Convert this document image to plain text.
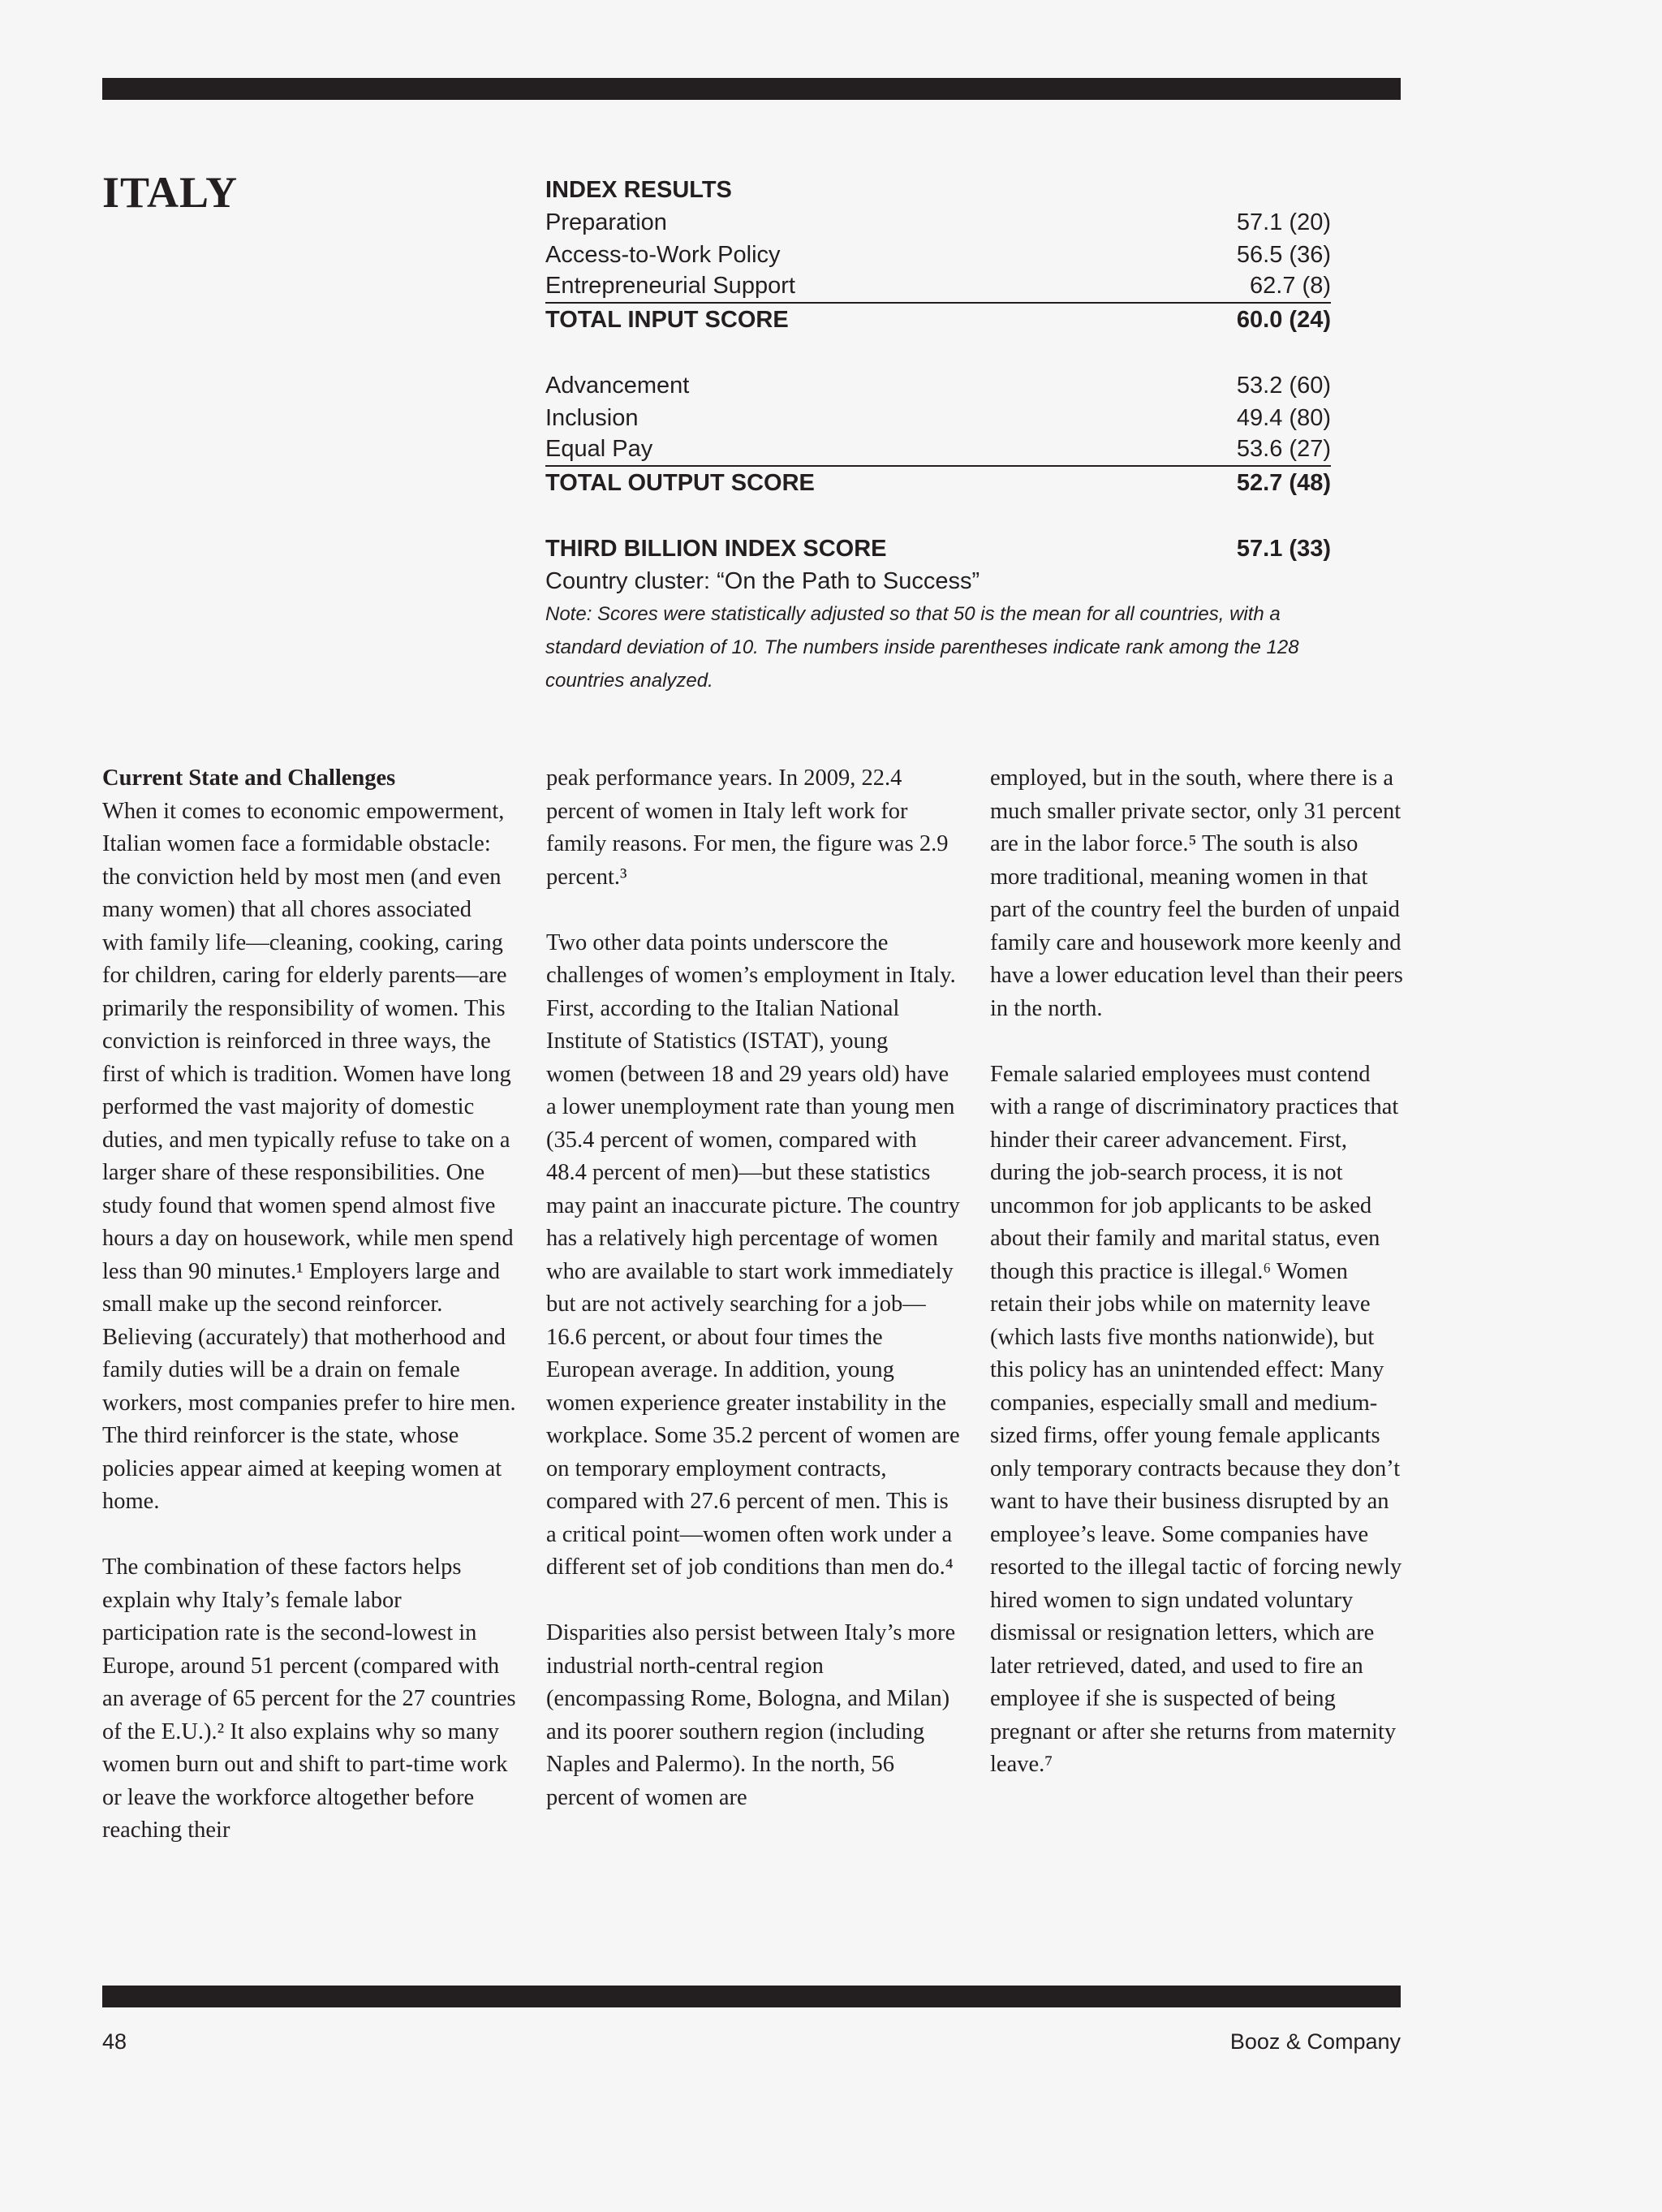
ITALY	INDEX RESULTS
Preparation	57.1 (20)
Access-to-Work Policy	56.5 (36)
Entrepreneurial Support	62.7 (8)
TOTAL INPUT SCORE	60.0 (24)
Advancement	53.2 (60)
Inclusion	49.4 (80)
Equal Pay	53.6 (27)
TOTAL OUTPUT SCORE	52.7 (48)
THIRD BILLION INDEX SCORE	57.1 (33)
Country cluster: “On the Path to Success”
Note: Scores were statistically adjusted so that 50 is the mean for all countries, with a standard deviation of 10. The numbers inside parentheses indicate rank among the 128 countries analyzed.

Current State and Challenges
When it comes to economic empowerment, Italian women face a formidable obstacle: the conviction held by most men (and even many women) that all chores associated with family life—cleaning, cooking, caring for children, caring for elderly parents—are primarily the responsibility of women. This conviction is reinforced in three ways, the first of which is tradition. Women have long performed the vast majority of domestic duties, and men typically refuse to take on a larger share of these responsibilities. One study found that women spend almost five hours a day on housework, while men spend less than 90 minutes.¹ Employers large and small make up the second reinforcer. Believing (accurately) that motherhood and family duties will be a drain on female workers, most companies prefer to hire men. The third reinforcer is the state, whose policies appear aimed at keeping women at home.

The combination of these factors helps explain why Italy’s female labor participation rate is the second-lowest in Europe, around 51 percent (compared with an average of 65 percent for the 27 countries of the E.U.).² It also explains why so many women burn out and shift to part-time work or leave the workforce altogether before reaching their

peak performance years. In 2009, 22.4 percent of women in Italy left work for family reasons. For men, the figure was 2.9 percent.³

Two other data points underscore the challenges of women’s employment in Italy. First, according to the Italian National Institute of Statistics (ISTAT), young women (between 18 and 29 years old) have a lower unemployment rate than young men (35.4 percent of women, compared with 48.4 percent of men)—but these statistics may paint an inaccurate picture. The country has a relatively high percentage of women who are available to start work immediately but are not actively searching for a job—16.6 percent, or about four times the European average. In addition, young women experience greater instability in the workplace. Some 35.2 percent of women are on temporary employment contracts, compared with 27.6 percent of men. This is a critical point—women often work under a different set of job conditions than men do.⁴

Disparities also persist between Italy’s more industrial north-central region (encompassing Rome, Bologna, and Milan) and its poorer southern region (including Naples and Palermo). In the north, 56 percent of women are

employed, but in the south, where there is a much smaller private sector, only 31 percent are in the labor force.⁵ The south is also more traditional, meaning women in that part of the country feel the burden of unpaid family care and housework more keenly and have a lower education level than their peers in the north.

Female salaried employees must contend with a range of discriminatory practices that hinder their career advancement. First, during the job-search process, it is not uncommon for job applicants to be asked about their family and marital status, even though this practice is illegal.⁶ Women retain their jobs while on maternity leave (which lasts five months nationwide), but this policy has an unintended effect: Many companies, especially small and medium-sized firms, offer young female applicants only temporary contracts because they don’t want to have their business disrupted by an employee’s leave. Some companies have resorted to the illegal tactic of forcing newly hired women to sign undated voluntary dismissal or resignation letters, which are later retrieved, dated, and used to fire an employee if she is suspected of being pregnant or after she returns from maternity leave.⁷

48	Booz & Company
